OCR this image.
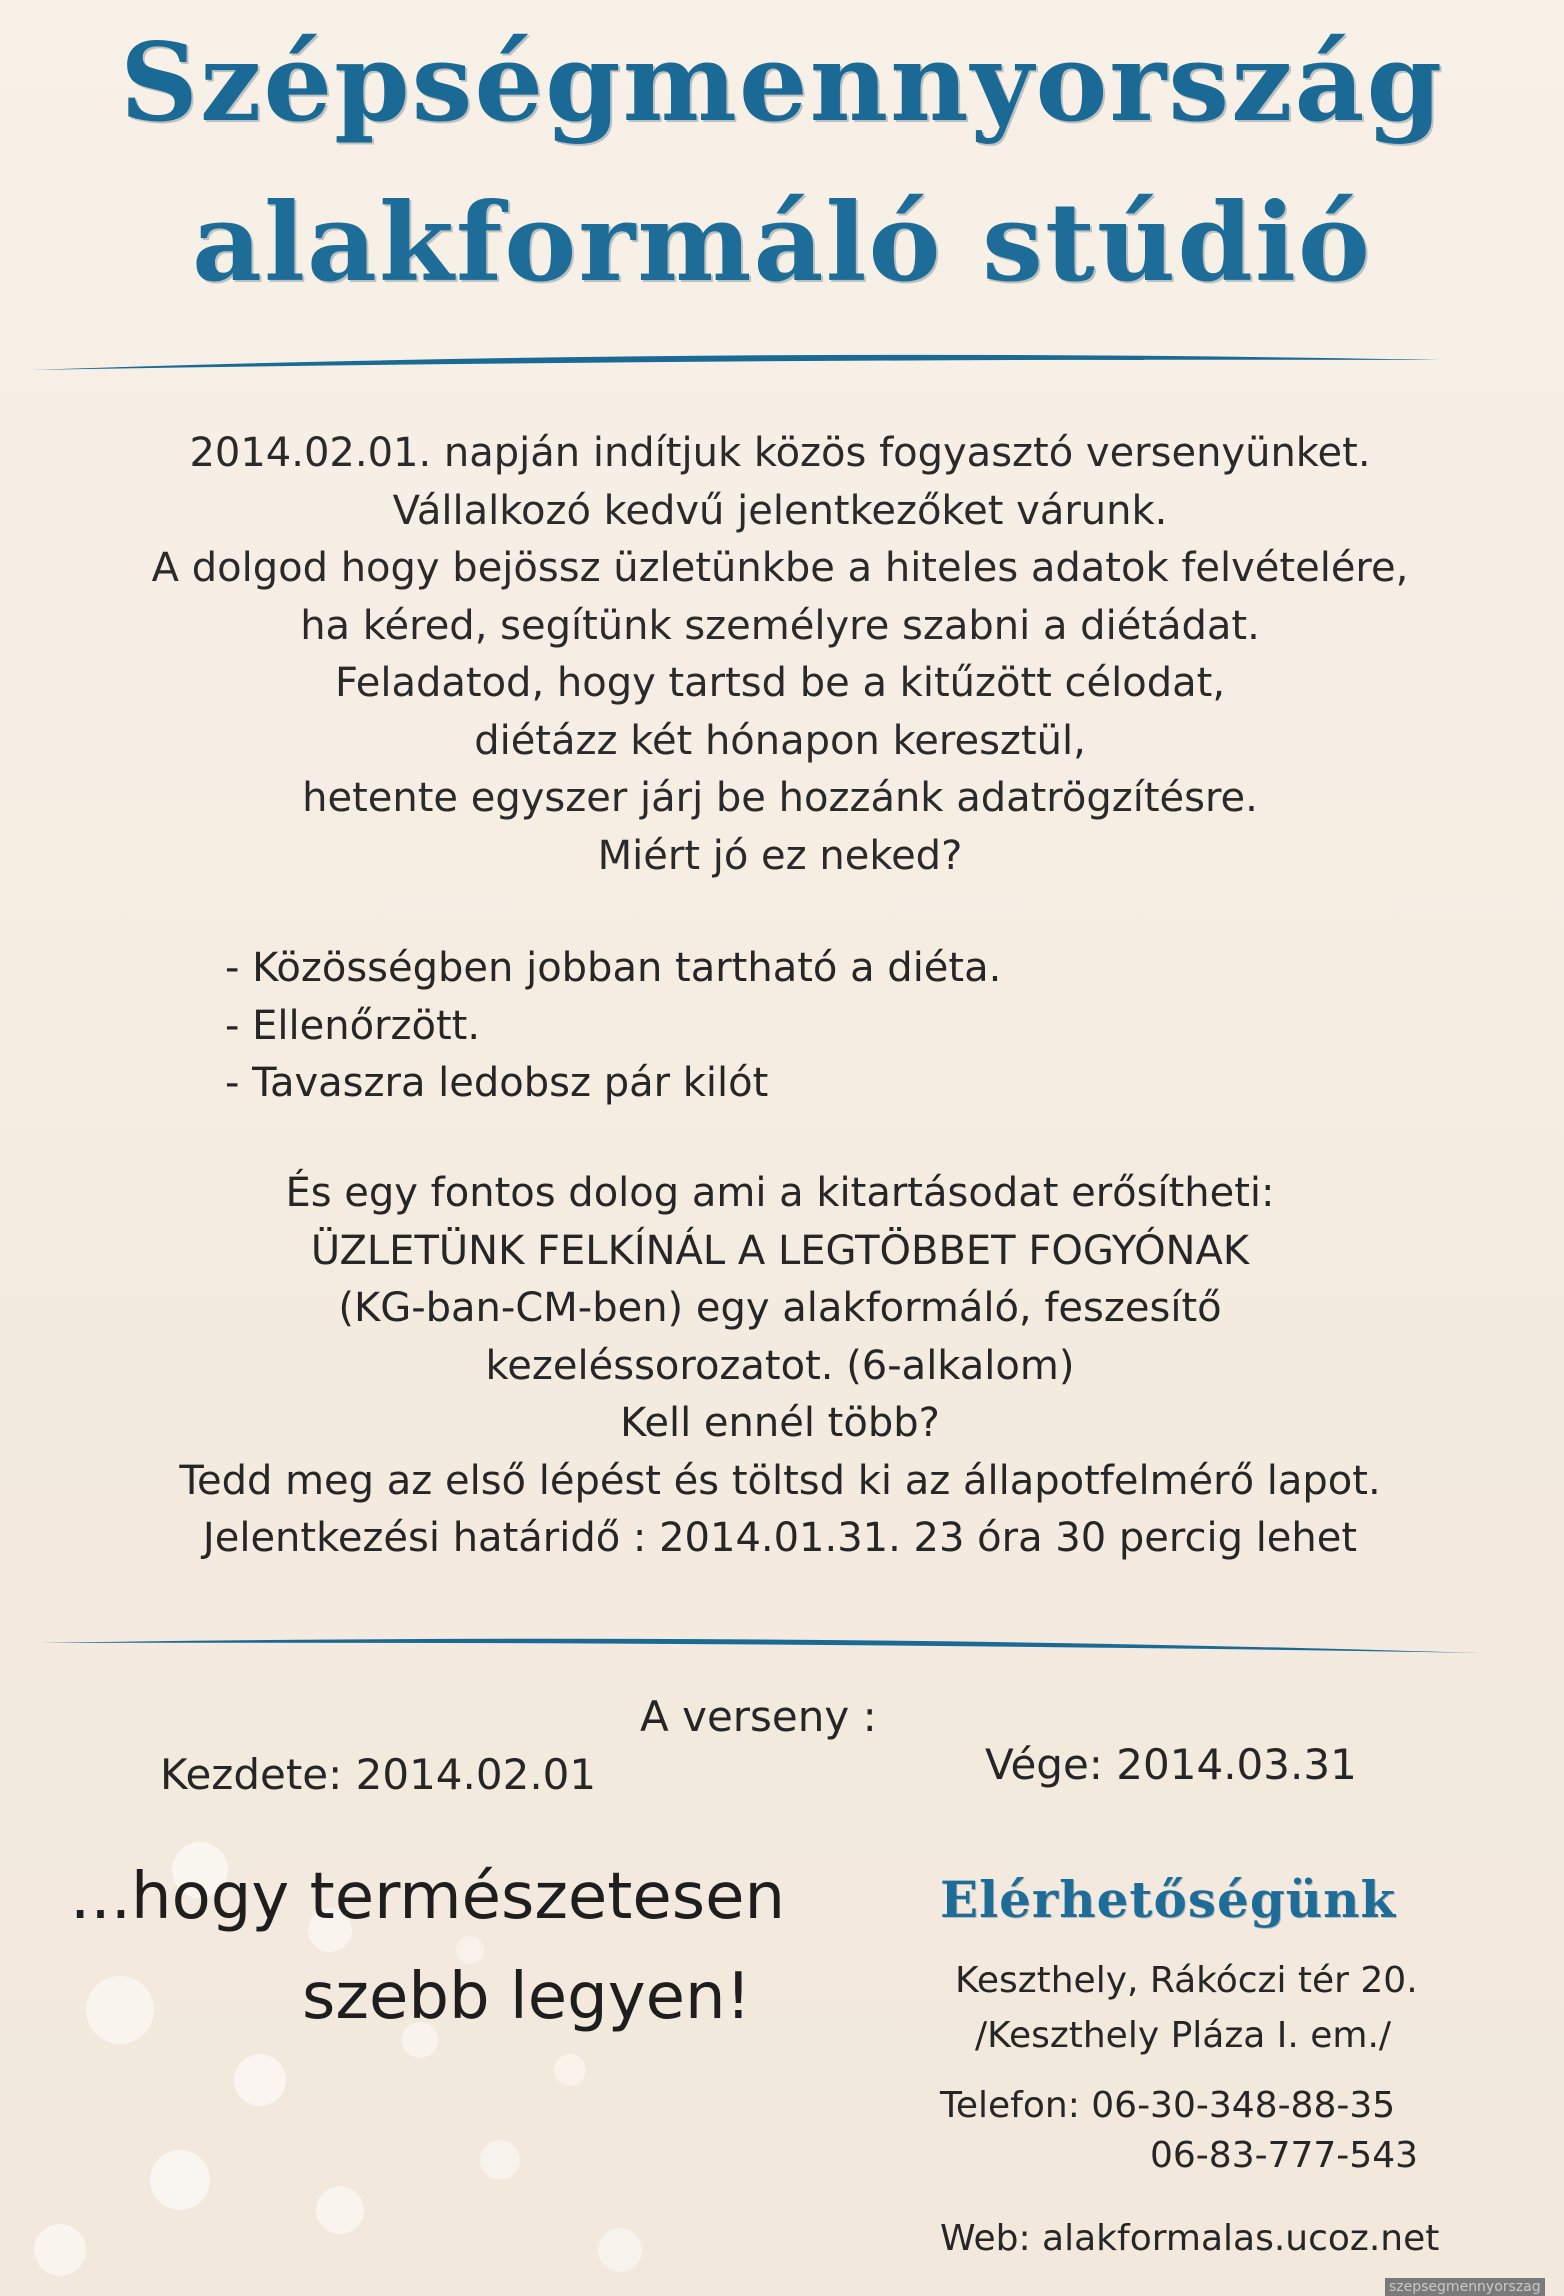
Szépségmennyország
alakformáló stúdió
2014.02.01. napján indítjuk közös fogyasztó versenyünket.
Vállalkozó kedvű jelentkezőket várunk.
A dolgod hogy bejössz üzletünkbe a hiteles adatok felvételére,
ha kéred, segítünk személyre szabni a diétádat.
Feladatod, hogy tartsd be a kitűzött célodat,
diétázz két hónapon keresztül,
hetente egyszer járj be hozzánk adatrögzítésre.
Miért jó ez neked?
- Közösségben jobban tartható a diéta.
- Ellenőrzött.
- Tavaszra ledobsz pár kilót
És egy fontos dolog ami a kitartásodat erősítheti:
ÜZLETÜNK FELKÍNÁL A LEGTÖBBET FOGYÓNAK
(KG-ban-CM-ben) egy alakformáló, feszesítő
kezeléssorozatot. (6-alkalom)
Kell ennél több?
Tedd meg az első lépést és töltsd ki az állapotfelmérő lapot.
Jelentkezési határidő : 2014.01.31. 23 óra 30 percig lehet
A verseny :
Kezdete: 2014.02.01	Vége: 2014.03.31
...hogy természetesen
szebb legyen!
Elérhetőségünk
Keszthely, Rákóczi tér 20.
/Keszthely Pláza I. em./
Telefon: 06-30-348-88-35
06-83-777-543
Web: alakformalas.ucoz.net
szepsegmennyorszag
